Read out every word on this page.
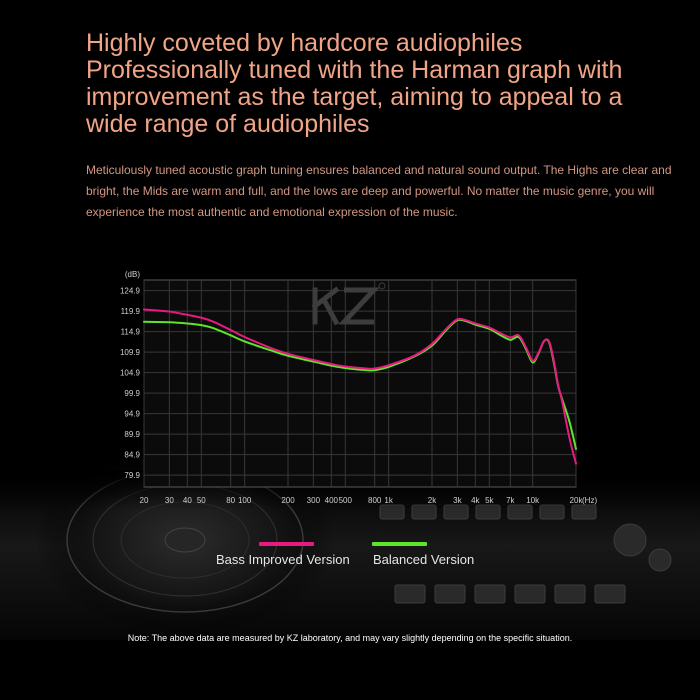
Highly coveted by hardcore audiophiles
Professionally tuned with the Harman graph with
improvement as the target, aiming to appeal to a
wide range of audiophiles

Meticulously tuned acoustic graph tuning ensures balanced and natural sound output. The Highs are clear and bright, the Mids are warm and full, and the lows are deep and powerful. No matter the music genre, you will experience the most authentic and emotional expression of the music.

124.9
119.9
114.9
109.9
104.9
99.9
94.9
89.9
84.9
79.9
(dB)
20 30 40 50	80 100	200 300 400 500 800 1k	2k 3k 4k 5k 7k 10k	20k (Hz)
Bass Improved Version Balanced Version

Note: The above data are measured by KZ laboratory, and may vary slightly depending on the specific situation.
